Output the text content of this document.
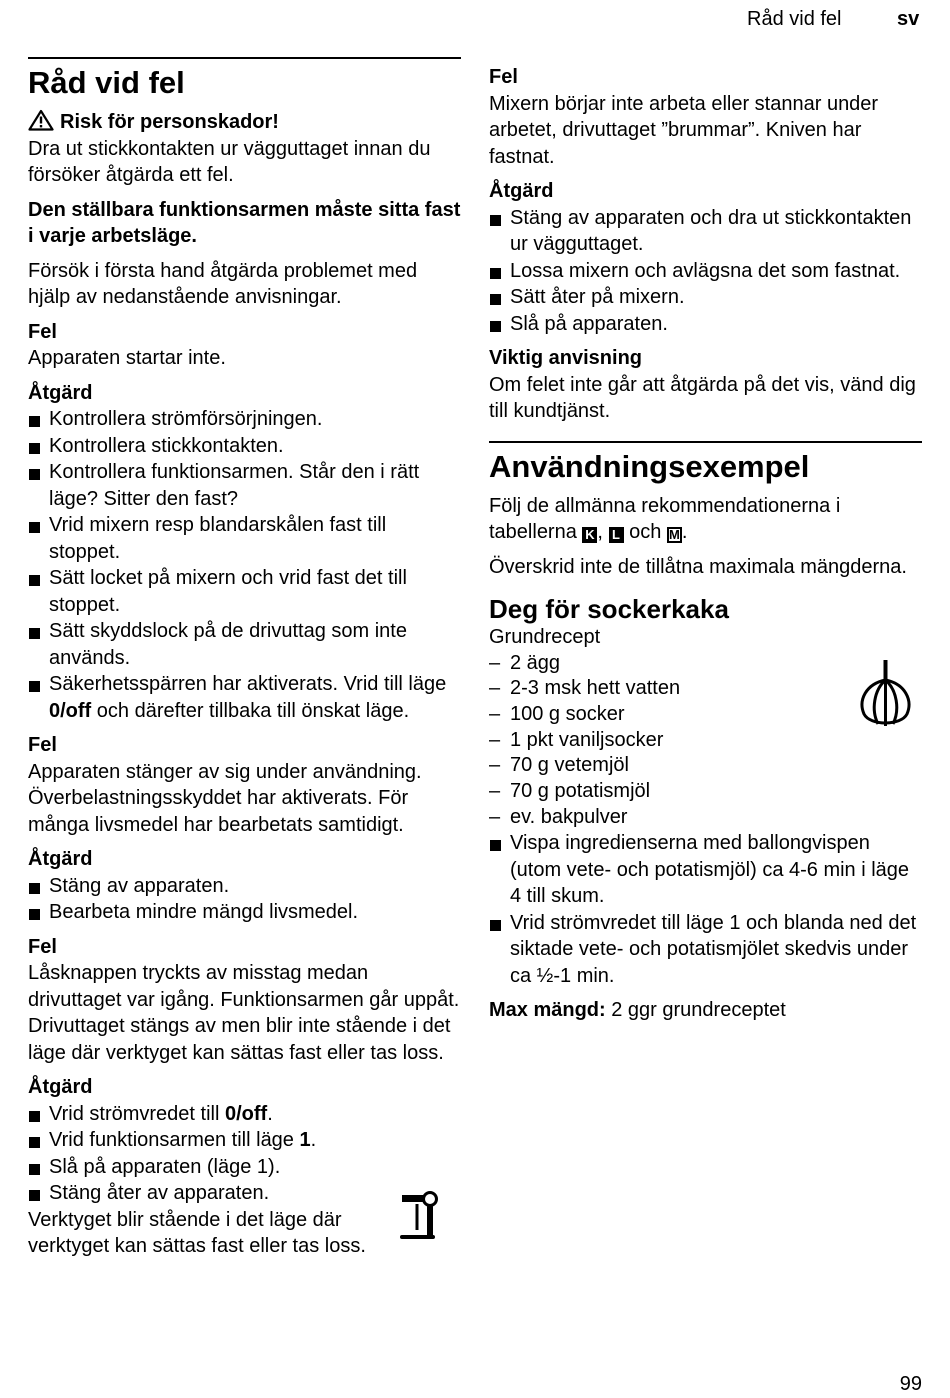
Råd vid fel	sv
Råd vid fel
Risk för personskador!

Dra ut stickkontakten ur vägguttaget innan du försöker åtgärda ett fel.

Den ställbara funktionsarmen måste sitta fast i varje arbetsläge.

Försök i första hand åtgärda problemet med hjälp av nedanstående anvisningar.

Fel

Apparaten startar inte.

Åtgärd
Kontrollera strömförsörjningen.
Kontrollera stickkontakten.
Kontrollera funktionsarmen. Står den i rätt läge? Sitter den fast?
Vrid mixern resp blandarskålen fast till stoppet.
Sätt locket på mixern och vrid fast det till stoppet.
Sätt skyddslock på de drivuttag som inte används.
Säkerhetsspärren har aktiverats. Vrid till läge 0/off och därefter tillbaka till önskat läge.
Fel

Apparaten stänger av sig under användning. Överbelastningsskyddet har aktiverats. För många livsmedel har bearbetats samtidigt.

Åtgärd
Stäng av apparaten.
Bearbeta mindre mängd livsmedel.
Fel

Låsknappen tryckts av misstag medan drivuttaget var igång. Funktionsarmen går uppåt. Drivuttaget stängs av men blir inte stående i det läge där verktyget kan sättas fast eller tas loss.

Åtgärd
Vrid strömvredet till 0/off.
Vrid funktionsarmen till läge 1.
Slå på apparaten (läge 1).
Stäng åter av apparaten.

Verktyget blir stående i det läge där verktyget kan sättas fast eller tas loss.

Fel

Mixern börjar inte arbeta eller stannar under arbetet, drivuttaget ”brummar”. Kniven har fastnat.

Åtgärd
Stäng av apparaten och dra ut stickkontakten ur vägguttaget.
Lossa mixern och avlägsna det som fastnat.
Sätt åter på mixern.
Slå på apparaten.
Viktig anvisning

Om felet inte går att åtgärda på det vis, vänd dig till kundtjänst.

Användningsexempel

Följ de allmänna rekommendationerna i tabellerna K , L och M .

Överskrid inte de tillåtna maximala mängderna.

Deg för sockerkaka
Grundrecept
– 2 ägg
– 2-3 msk hett vatten
– 100 g socker
– 1 pkt vaniljsocker
– 70 g vetemjöl
– 70 g potatismjöl
– ev. bakpulver
Vispa ingredienserna med ballongvispen (utom vete- och potatismjöl) ca 4-6 min i läge 4 till skum.
Vrid strömvredet till läge 1 och blanda ned det siktade vete- och potatismjölet skedvis under ca ½-1 min.

Max mängd: 2 ggr grundreceptet

99
